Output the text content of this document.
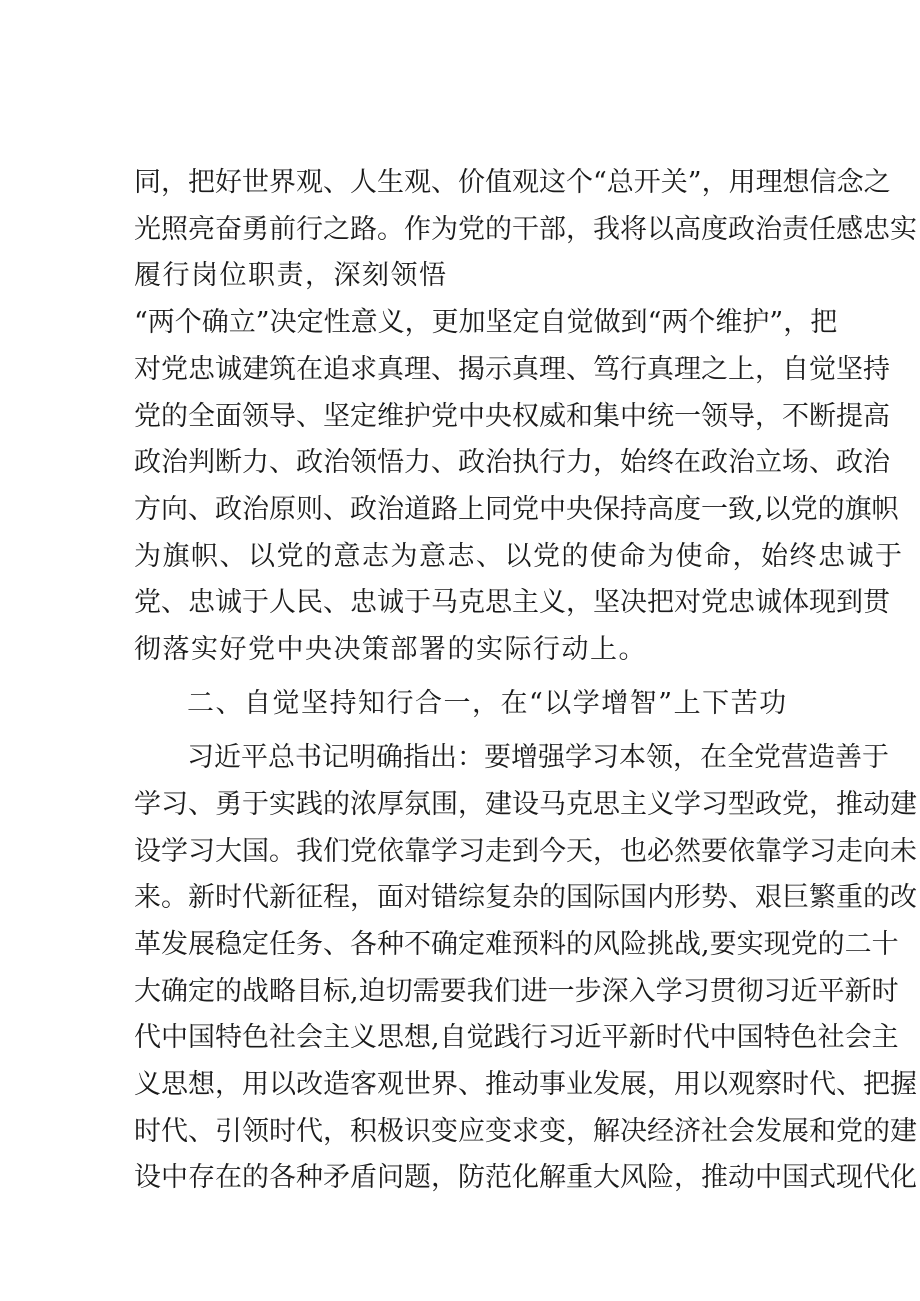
同，把好世界观、人生观、价值观这个“总开关”，用理想信念之
光照亮奋勇前行之路。作为党的干部，我将以高度政治责任感忠实
履行岗位职责，深刻领悟
“两个确立”决定性意义，更加坚定自觉做到“两个维护”，把
对党忠诚建筑在追求真理、揭示真理、笃行真理之上，自觉坚持
党的全面领导、坚定维护党中央权威和集中统一领导，不断提高
政治判断力、政治领悟力、政治执行力，始终在政治立场、政治
方向、政治原则、政治道路上同党中央保持高度一致,以党的旗帜
为旗帜、以党的意志为意志、以党的使命为使命，始终忠诚于
党、忠诚于人民、忠诚于马克思主义，坚决把对党忠诚体现到贯
彻落实好党中央决策部署的实际行动上。
二、自觉坚持知行合一，在“以学增智”上下苦功
习近平总书记明确指出：要增强学习本领，在全党营造善于
学习、勇于实践的浓厚氛围，建设马克思主义学习型政党，推动建
设学习大国。我们党依靠学习走到今天，也必然要依靠学习走向未
来。新时代新征程，面对错综复杂的国际国内形势、艰巨繁重的改
革发展稳定任务、各种不确定难预料的风险挑战,要实现党的二十
大确定的战略目标,迫切需要我们进一步深入学习贯彻习近平新时
代中国特色社会主义思想,自觉践行习近平新时代中国特色社会主
义思想，用以改造客观世界、推动事业发展，用以观察时代、把握
时代、引领时代，积极识变应变求变，解决经济社会发展和党的建
设中存在的各种矛盾问题，防范化解重大风险，推动中国式现代化
